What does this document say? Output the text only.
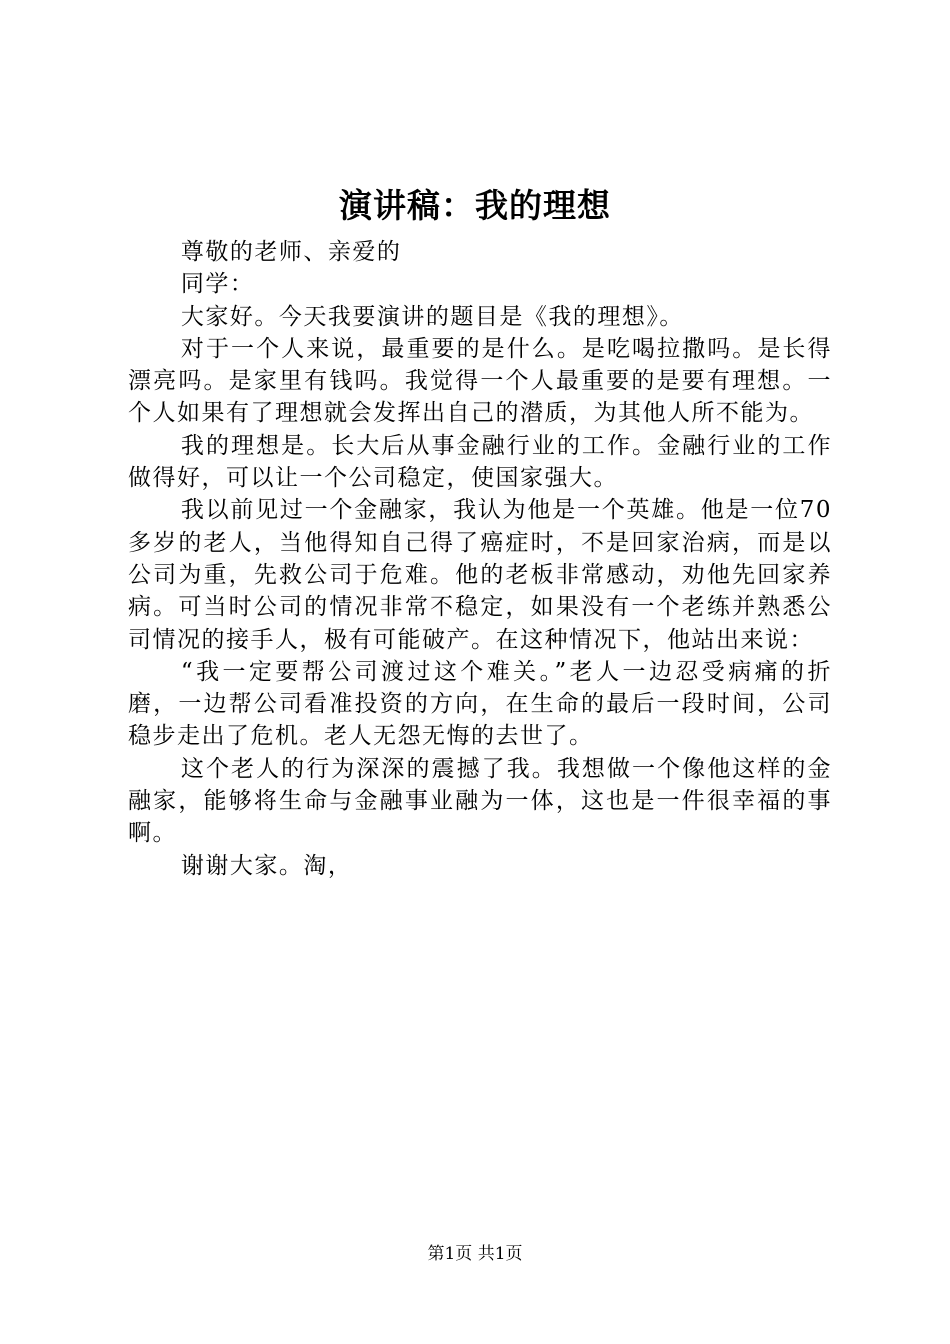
演讲稿：我的理想

尊敬的老师、亲爱的

同学：

大家好。今天我要演讲的题目是《我的理想》。

对于一个人来说，最重要的是什么。是吃喝拉撒吗。是长得漂亮吗。是家里有钱吗。我觉得一个人最重要的是要有理想。一个人如果有了理想就会发挥出自己的潜质，为其他人所不能为。

我的理想是。长大后从事金融行业的工作。金融行业的工作做得好，可以让一个公司稳定，使国家强大。

我以前见过一个金融家，我认为他是一个英雄。他是一位70多岁的老人，当他得知自己得了癌症时，不是回家治病，而是以公司为重，先救公司于危难。他的老板非常感动，劝他先回家养病。可当时公司的情况非常不稳定，如果没有一个老练并熟悉公司情况的接手人，极有可能破产。在这种情况下，他站出来说：

“我一定要帮公司渡过这个难关。”老人一边忍受病痛的折磨，一边帮公司看准投资的方向，在生命的最后一段时间，公司稳步走出了危机。老人无怨无悔的去世了。

这个老人的行为深深的震撼了我。我想做一个像他这样的金融家，能够将生命与金融事业融为一体，这也是一件很幸福的事啊。

谢谢大家。淘，

第1页 共1页
